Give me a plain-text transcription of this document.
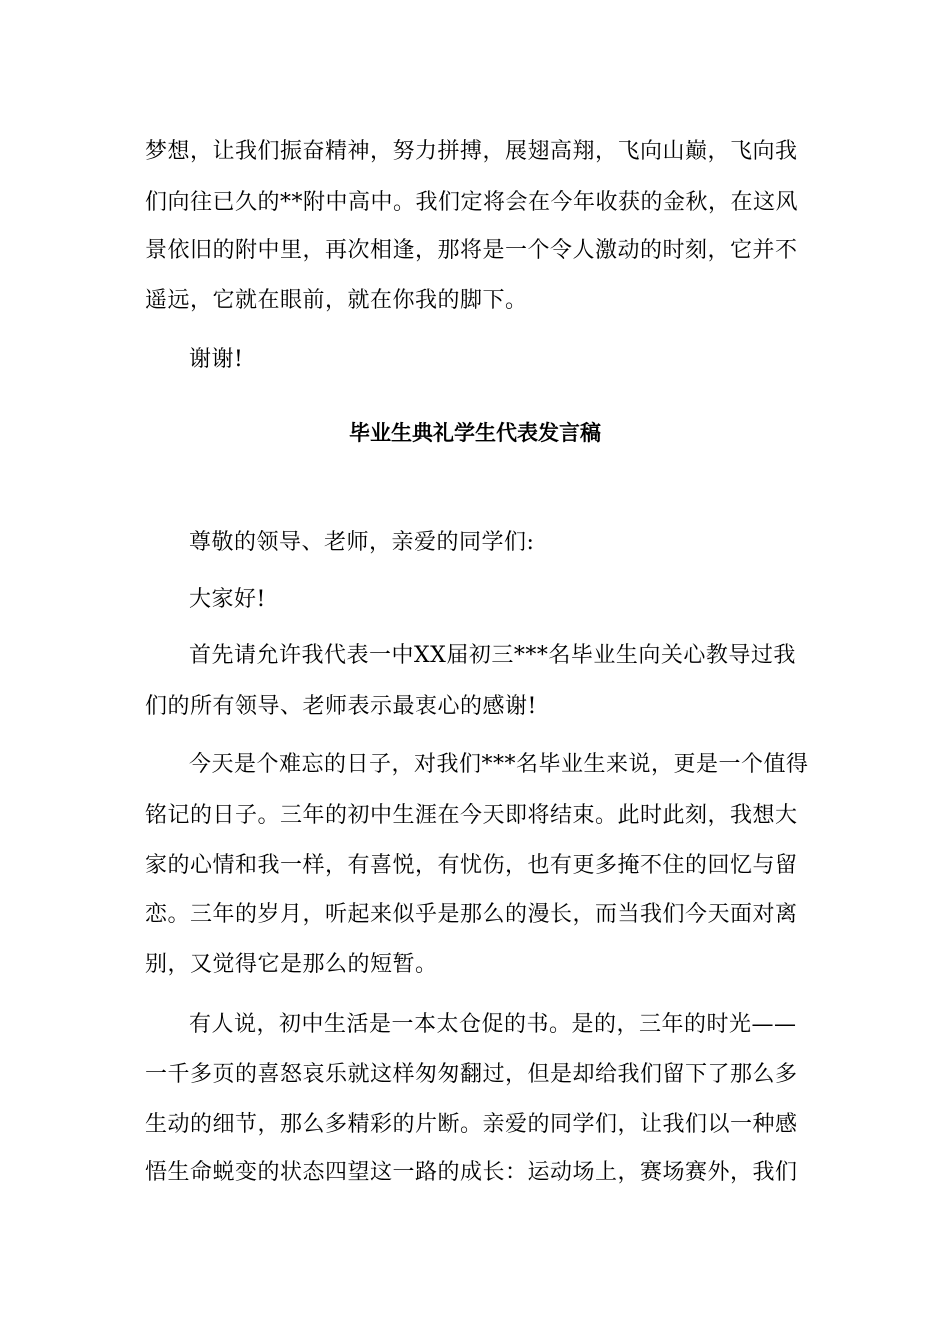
梦想，让我们振奋精神，努力拼搏，展翅高翔，飞向山巅，飞向我
们向往已久的**附中高中。我们定将会在今年收获的金秋，在这风
景依旧的附中里，再次相逢，那将是一个令人激动的时刻，它并不
遥远，它就在眼前，就在你我的脚下。
谢谢!
毕业生典礼学生代表发言稿
尊敬的领导、老师，亲爱的同学们:
大家好!
首先请允许我代表一中XX届初三***名毕业生向关心教导过我
们的所有领导、老师表示最衷心的感谢!
今天是个难忘的日子，对我们***名毕业生来说，更是一个值得
铭记的日子。三年的初中生涯在今天即将结束。此时此刻，我想大
家的心情和我一样，有喜悦，有忧伤，也有更多掩不住的回忆与留
恋。三年的岁月，听起来似乎是那么的漫长，而当我们今天面对离
别，又觉得它是那么的短暂。
有人说，初中生活是一本太仓促的书。是的，三年的时光——
一千多页的喜怒哀乐就这样匆匆翻过，但是却给我们留下了那么多
生动的细节，那么多精彩的片断。亲爱的同学们，让我们以一种感
悟生命蜕变的状态四望这一路的成长：运动场上，赛场赛外，我们
